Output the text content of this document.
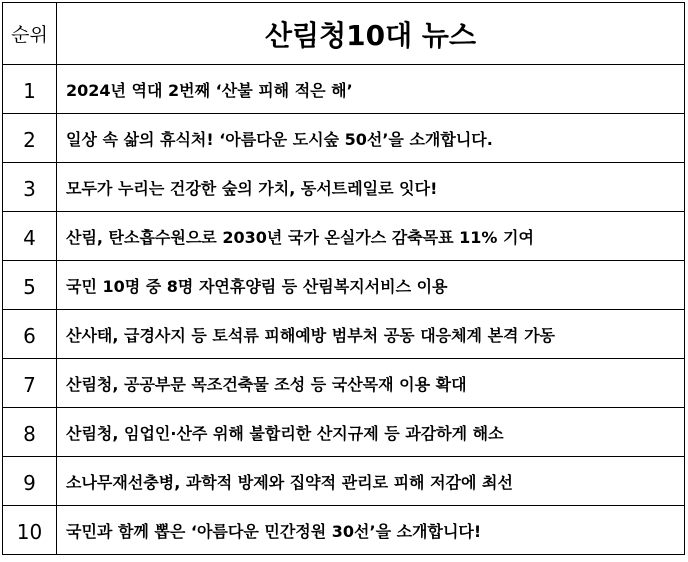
순위	산림청10대 뉴스
1	2024년 역대 2번째 ‘산불 피해 적은 해’
2	일상 속 삶의 휴식처! ‘아름다운 도시숲 50선’을 소개합니다.
3	모두가 누리는 건강한 숲의 가치, 동서트레일로 잇다!
4	산림, 탄소흡수원으로 2030년 국가 온실가스 감축목표 11% 기여
5	국민 10명 중 8명 자연휴양림 등 산림복지서비스 이용
6	산사태, 급경사지 등 토석류 피해예방 범부처 공동 대응체계 본격 가동
7	산림청, 공공부문 목조건축물 조성 등 국산목재 이용 확대
8	산림청, 임업인·산주 위해 불합리한 산지규제 등 과감하게 해소
9	소나무재선충병, 과학적 방제와 집약적 관리로 피해 저감에 최선
10	국민과 함께 뽑은 ‘아름다운 민간정원 30선’을 소개합니다!
